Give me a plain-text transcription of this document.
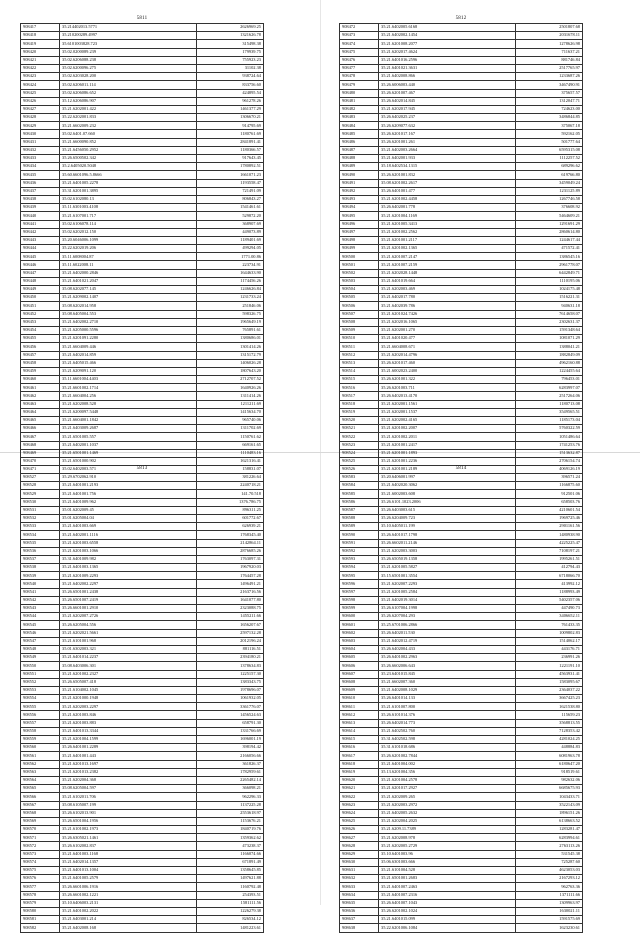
5811
908417	35.214402013.5771	2626969.25
908418	35.210200289.4997	1321626.78
908419	35.6101003828.723	315498.38
908420	35.02.0200089.239	179939.75
908421	35.02.6206088.238	755923.23
908422	35.02.6200096.275	31102.38
908423	35.02.6203028.200	938724.64
908424	35.02.6206011.114	833756.60
908425	35.02.6206086.652	424895.54
908426	35.12.6206086.907	961278.26
908427	35.21.6202001.422	1461377.29
908428	35.22.6202001.833	1306670.21
908429	35.21.6602009.232	914795.69
908430	35.02.6401.07.660	1180761.69
908431	35.21.6600090.852	2841891.41
908432	35.21.6456050.2952	1180366.57
908433	35.26.6500502.342	917643.45
908434	35.2.6405020.5048	1780892.51
908435	35.60.6601096.5.8666	1661071.23
908436	35.21.6401005.2278	1193558.47
908437	35.31.6201001.3895	721491.09
908438	35.02.6102080.13	806843.27
908439	35.11.6301003.4108	1541461.61
908440	35.21.6107001.717	529872.20
908441	35.02.6106078.114	368907.69
908442	35.02.6202012.150	449073.89
908443	35.20.6046006.1099	1189401.69
908444	35.22.6202019.206	499294.05
908445	35.11.6008004.87	1771.00.86
908446	35.11.6022008.11	223734.91
908447	35.21.6402000.2846	1644633.90
908448	35.21.6401021.2047	1174456.26
908449	35.08.6202077.145	1246626.84
908450	35.21.6209002.1407	1231733.24
908451	35.08.6202014.958	251846.06
908452	35.08.6405004.553	598326.75
908453	35.21.6402002.2710	1965649.19
908454	35.21.6205000.5596	765891.61
908455	35.21.6201091.2280	1380686.01
908456	35.21.6604009.446	1301414.26
908457	35.21.6402014.859	1315172.79
908458	35.21.6405015.466	1406026.28
908459	35.21.6209091.120	1807643.20
908460	35.11.6601004.4403	2712707.52
908461	35.21.6601002.1714	1640926.26
908462	35.21.6604004.256	1311414.26
908463	35.21.6202008.528	1211211.69
908464	35.21.6200097.5448	1415634.70
908465	35.21.6604001.1842	965740.06
908466	35.21.6403009.2687	1311702.69
908467	35.21.6501005.557	1150761.62
908468	35.21.6402001.1037	669161.65
908469	35.21.6501001.1469	1110483.16
908470	35.21.6501000.902	1621316.41
908471	35.02.6402003.571	158831.07
5812
908472	35.21.6402005.6168	2501807.68
908473	35.21.6402002.1454	2031678.11
908474	35.21.6201008.2077	1278626.98
908475	35.21.6202017.4624	711637.21
908476	35.21.6401016.2596	881746.84
908477	35.21.6401021.3631	2517765.97
908478	35.21.6402008.866	1233687.26
908479	35.26.6006003.440	3467490.91
908480	35.26.6201007.467	375657.57
908481	35.26.6402014.845	1312047.71
908482	35.21.6202017.945	724623.00
908483	35.26.6402025.237	3486844.85
908484	35.26.6209077.632	375067.18
908485	35.26.6201017.167	592162.05
908486	35.26.6201001.261	501777.64
908487	35.21.6402003.2664	6595315.08
908488	35.21.6402001.933	1112257.52
908489	35.18.6402534.1315	689296.62
908490	35.26.6201001.832	619766.80
908491	35.08.6201002.2617	3459049.24
908492	35.26.6401001.477	1231125.89
908493	35.21.6201002.4458	1267746.58
908494	35.26.6402001.778	376608.92
908495	35.21.6201004.1169	5464609.21
908496	35.21.6201005.3413	1291691.29
908497	35.21.6201002.2562	2860614.80
908498	35.21.6201001.2117	1244617.44
908499	35.21.6201002.1365	471572.41
908500	35.21.6201007.2147	1386545.16
908501	35.21.6201007.2159	2961778.07
908502	35.21.6202028.1448	6442849.71
908503	35.21.6401019.664	1110195.06
908504	35.21.6202003.469	1024175.48
908505	35.21.6402017.780	1516221.31
908506	35.21.6402039.786	940631.18
908507	35.21.6201024.7426	7614658.07
908508	35.21.6202016.1065	2302631.37
908509	35.21.6202001.270	1591348.64
908510	35.21.6401020.477	1081071.29
908511	35.21.6604008.671	1388041.21
908512	35.21.6202014.4796	1882849.09
908513	35.26.6201017.460	4962160.88
908514	35.21.6002023.2400	1224455.64
908515	35.26.6201001.322	796453.01
908516	35.26.6201003.711	6283997.07
908517	35.26.6402013.4170	2517264.06
908518	35.21.6202001.1561	1180713.08
908519	35.21.6202001.1537	3549565.51
908520	35.21.6202002.4165	1185173.04
908521	35.21.6201002.2007	5760322.59
908522	35.21.6201002.2011	1051486.64
908523	35.21.6201001.2417	1741253.76
908524	35.21.6201001.1893	1513632.87
908525	35.21.6201001.2236	2706154.74
908526	35.21.6201001.2189	4069126.19
5813
908527	35.29.6702062.910	381226.64
908528	35.21.6401001.2193	2240718.21
908529	35.21.6401001.756	141.70.518
908530	35.21.6401009.962	1376.786.75
908531	35.01.6202009.45	896311.25
908532	35.01.6205004.04	601772.67
908533	35.21.6401003.669	626939.21
908534	35.21.6402001.1116	1768345.40
908535	35.21.6201003.6558	2142864.11
908536	35.21.6201003.1066	2876685.26
908537	35.31.6401009.982	1763097.31
908538	35.21.6401003.1365	1967920.03
908539	35.21.6201009.2293	1764457.28
908540	35.21.6402002.2297	1496491.21
908541	35.26.6501001.2438	2163716.56
908542	35.26.6501007.2419	1641077.80
908543	35.26.6601001.2910	2323088.75
908544	35.21.6202007.2726	1455211.66
908545	35.26.6205004.556	1656207.67
908546	35.21.6202021.5661	2597132.28
908547	35.21.6101001.968	2012196.24
908548	35.01.6302003.321	881116.51
908549	35.21.6401014.2237	2394180.21
908550	35.08.6403006.301	1378634.83
908551	35.21.6201002.2327	1225157.30
908552	35.26.6505007.418	1383343.75
908553	35.21.6104002.1045	1978696.07
908554	35.21.6201000.1948	1061932.05
908555	35.21.6202003.2297	3361776.07
908556	35.21.6201003.846	1456524.63
908557	35.21.6201003.883	658791.30
908558	35.21.6401013.3344	1331766.69
908559	35.21.6201004.1599	1696001.19
908560	35.26.6401001.2289	398194.42
908561	35.21.6401001.443	2166056.66
908562	35.21.6201013.1697	361826.37
908563	35.21.6201013.2382	1782959.61
908564	35.21.6202004.368	2265482.14
908565	35.08.6205004.597	366098.21
908566	35.21.6102011.706	962296.33
908567	35.08.6105007.199	1137225.28
908568	35.26.6102013.901	2553618.97
908569	35.26.6501004.1956	1153676.21
908570	35.21.6101002.1973	1840719.76
908571	35.26.6305021.1461	1359362.62
908572	35.26.6102002.837	473238.37
908573	35.21.6401003.1168	1166074.66
908574	35.21.6402014.1357	671891.49
908575	35.21.6401013.1004	1358645.85
908576	35.21.6401005.2579	1497621.88
908577	35.26.6601006.1916	1160792.48
908578	35.26.6601002.1221	254393.51
908579	35.10.6406003.2131	1581111.56
908580	35.21.6401002.2022	1226279.38
908581	35.21.6403001.214	826534.12
908582	35.21.6402008.168	1481223.61
5814
908583	35.20.6406001.997	396571.24
908584	35.21.6402020.3062	1166875.60
908585	35.21.6002003.608	912501.06
908586	35.26.6101.1023.2006	658503.76
908587	35.26.6403003.615	4210601.54
908588	35.26.6204009.723	1969725.46
908589	35.10.6405011.199	2901161.56
908590	35.26.6401017.1798	1480938.90
908591	35.26.6602011.2146	4225225.47
908592	35.21.6202003.3003	7108197.21
908593	35.26.6505019.1358	1995261.51
908594	35.21.6201005.5827	412794.43
908595	35.15.6501001.3554	6718066.70
908596	35.21.6202007.2293	413992.12
908597	35.21.6201005.2584	1188993.49
908598	35.21.6402019.3014	5402357.06
908599	35.26.6107004.1998	447490.73
908600	35.26.6207004.293	3406652.11
908601	35.25.6701006.2866	761433.35
908602	35.26.6402011.530	1009802.83
908603	35.21.6402012.4719	1514062.17
908604	35.26.6402004.433	443176.71
908605	35.26.6401002.2963	236991.26
908606	35.26.6602006.643	1221191.10
908607	35.23.6401015.845	4563931.41
908608	35.21.6602007.360	1583095.67
908609	35.21.6402008.1029	2364037.22
908610	35.26.6401014.133	3667425.23
908611	35.21.6101007.800	1621538.80
908612	35.26.6101014.376	115659.23
908613	35.26.6402014.773	3568813.55
908614	35.21.6402502.760	7128353.42
908615	35.31.6402502.598	4281024.25
908616	35.31.6101018.686	448884.83
908617	35.26.6201002.7844	6081963.78
908618	35.21.6401004.002	6180647.20
908619	35.13.6201004.356	918519.61
908620	35.21.6201004.2578	982632.06
908621	35.21.6201017.2927	6685675.93
908622	35.21.6202009.265	1043433.71
908623	35.21.6202003.2972	3522143.09
908624	35.21.6402005.2632	1896151.26
908625	35.21.6202004.2025	6138663.52
908626	35.21.6209.11.7389	1283281.47
908627	35.21.6202008.978	6283994.61
908628	35.21.6202005.2729	2763113.26
908629	35.10.6401003.96	531545.38
908630	35.06.6301003.666	725287.60
908631	35.21.6101004.528	4623053.03
908632	35.21.6501001.2683	2167293.12
908633	35.21.6401007.2463	962763.36
908634	35.21.6401007.2316	1371111.66
908635	35.26.6401007.1043	1309963.97
908636	35.26.6201002.1024	1630021.11
908637	35.21.6401015.099	1591575.69
908638	35.22.6201006.1084	1623230.61
